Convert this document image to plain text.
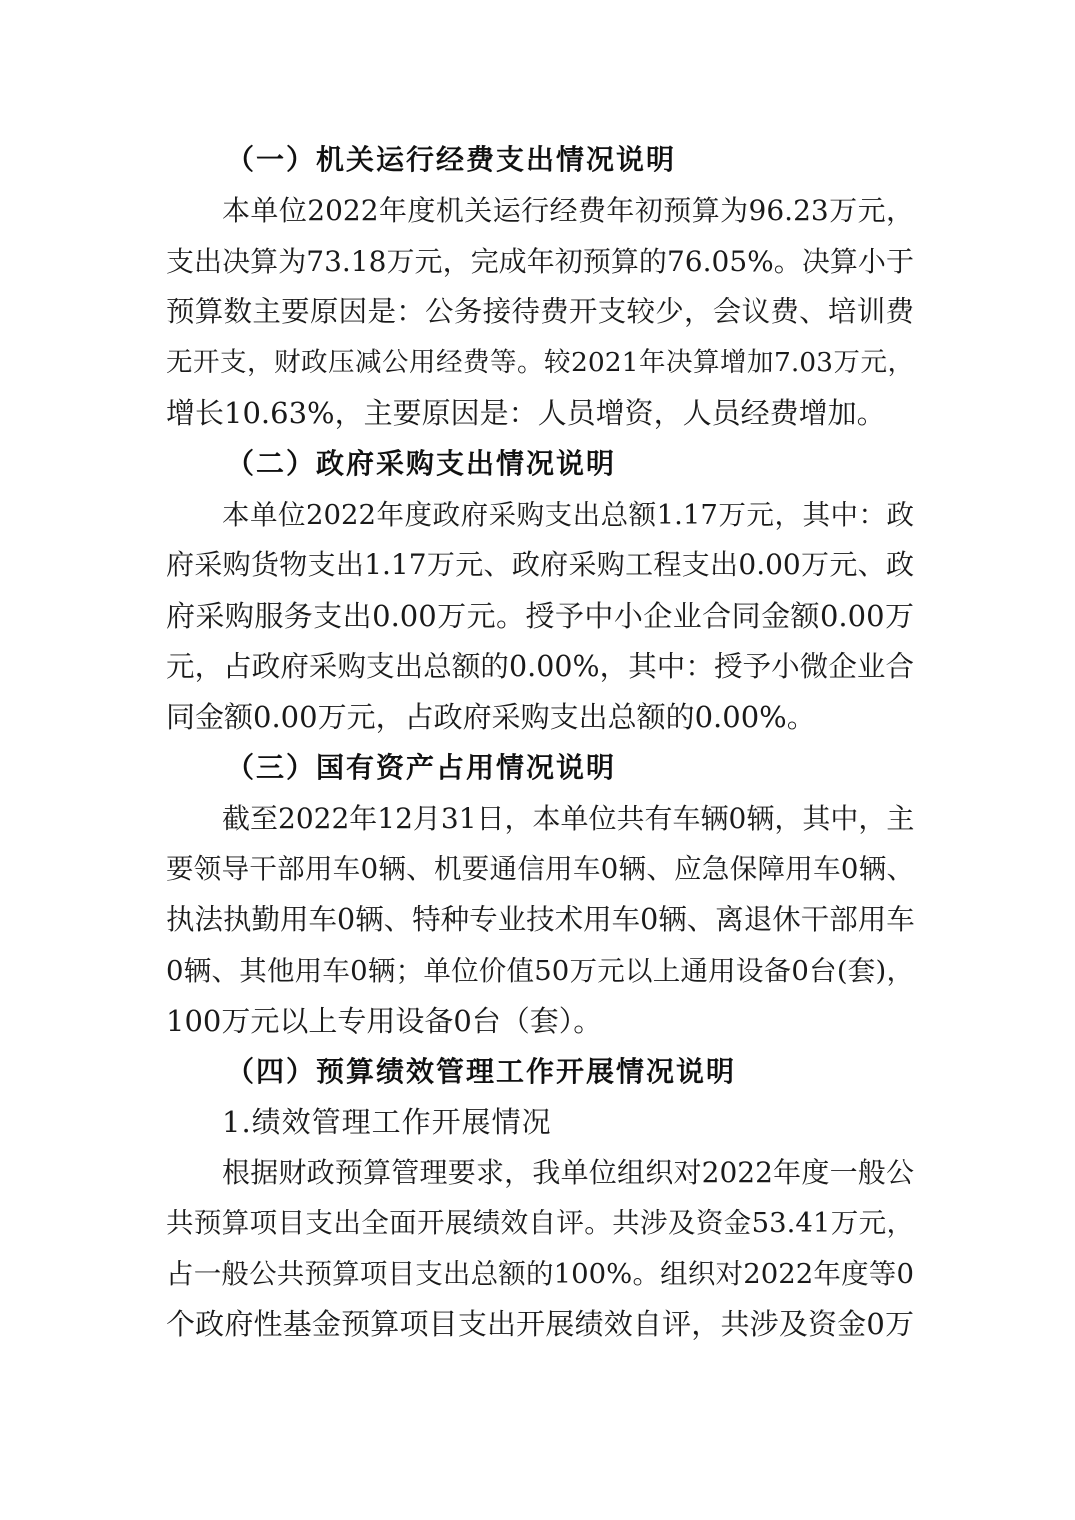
（一）机关运行经费支出情况说明
本单位2022年度机关运行经费年初预算为96.23万元，
支出决算为73.18万元，完成年初预算的76.05%。决算小于
预算数主要原因是：公务接待费开支较少，会议费、培训费
无开支，财政压减公用经费等。较2021年决算增加7.03万元，
增长10.63%，主要原因是：人员增资，人员经费增加。
（二）政府采购支出情况说明
本单位2022年度政府采购支出总额1.17万元，其中：政
府采购货物支出1.17万元、政府采购工程支出0.00万元、政
府采购服务支出0.00万元。授予中小企业合同金额0.00万
元，占政府采购支出总额的0.00%，其中：授予小微企业合
同金额0.00万元，占政府采购支出总额的0.00%。
（三）国有资产占用情况说明
截至2022年12月31日，本单位共有车辆0辆，其中，主
要领导干部用车0辆、机要通信用车0辆、应急保障用车0辆、
执法执勤用车0辆、特种专业技术用车0辆、离退休干部用车
0辆、其他用车0辆；单位价值50万元以上通用设备0台(套)，
100万元以上专用设备0台（套）。
（四）预算绩效管理工作开展情况说明
1.绩效管理工作开展情况
根据财政预算管理要求，我单位组织对2022年度一般公
共预算项目支出全面开展绩效自评。共涉及资金53.41万元，
占一般公共预算项目支出总额的100%。组织对2022年度等0
个政府性基金预算项目支出开展绩效自评，共涉及资金0万
